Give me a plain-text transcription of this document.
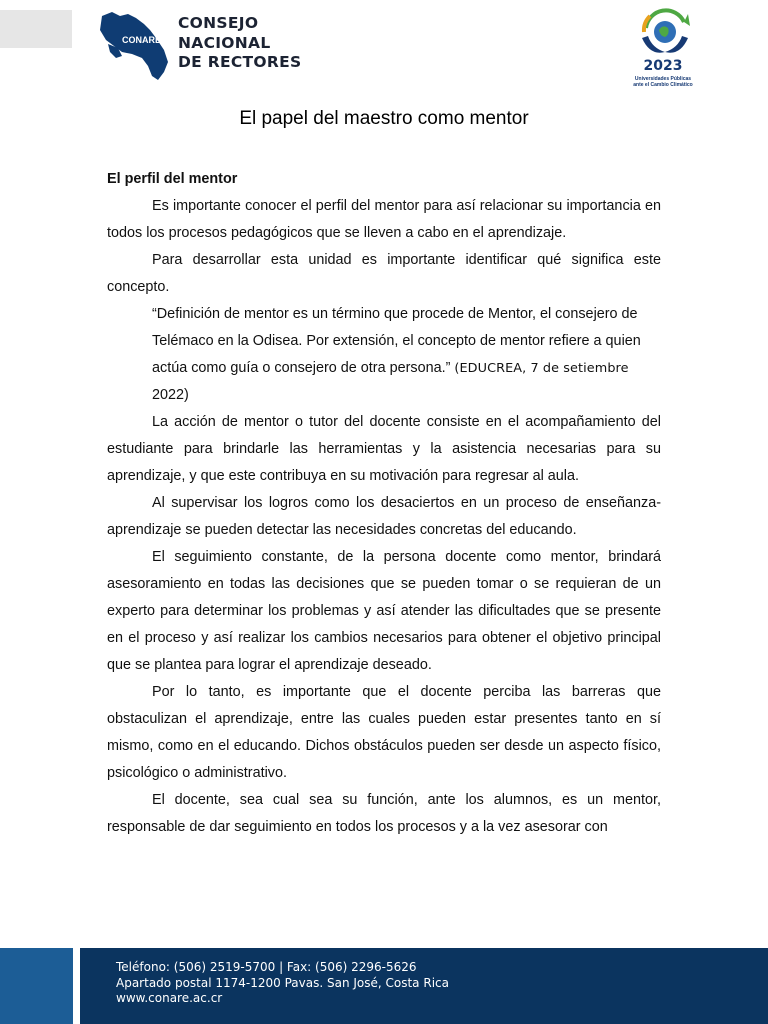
CONARE
CONSEJO
NACIONAL
DE RECTORES	2023
Universidades Públicas
ante el Cambio Climático
El papel del maestro como mentor

El perfil del mentor

Es importante conocer el perfil del mentor para así relacionar su importancia en todos los procesos pedagógicos que se lleven a cabo en el aprendizaje.

Para desarrollar esta unidad es importante identificar qué significa este concepto.

“Definición de mentor es un término que procede de Mentor, el consejero de Telémaco en la Odisea. Por extensión, el concepto de mentor refiere a quien actúa como guía o consejero de otra persona.” (EDUCREA, 7 de setiembre
2022)

La acción de mentor o tutor del docente consiste en el acompañamiento del estudiante para brindarle las herramientas y la asistencia necesarias para su aprendizaje, y que este contribuya en su motivación para regresar al aula.

Al supervisar los logros como los desaciertos en un proceso de enseñanza-aprendizaje se pueden detectar las necesidades concretas del educando.

El seguimiento constante, de la persona docente como mentor, brindará asesoramiento en todas las decisiones que se pueden tomar o se requieran de un experto para determinar los problemas y así atender las dificultades que se presente en el proceso y así realizar los cambios necesarios para obtener el objetivo principal que se plantea para lograr el aprendizaje deseado.

Por lo tanto, es importante que el docente perciba las barreras que obstaculizan el aprendizaje, entre las cuales pueden estar presentes tanto en sí mismo, como en el educando. Dichos obstáculos pueden ser desde un aspecto físico, psicológico o administrativo.

El docente, sea cual sea su función, ante los alumnos, es un mentor, responsable de dar seguimiento en todos los procesos y a la vez asesorar con

Teléfono: (506) 2519-5700 | Fax: (506) 2296-5626
Apartado postal 1174-1200 Pavas. San José, Costa Rica
www.conare.ac.cr
